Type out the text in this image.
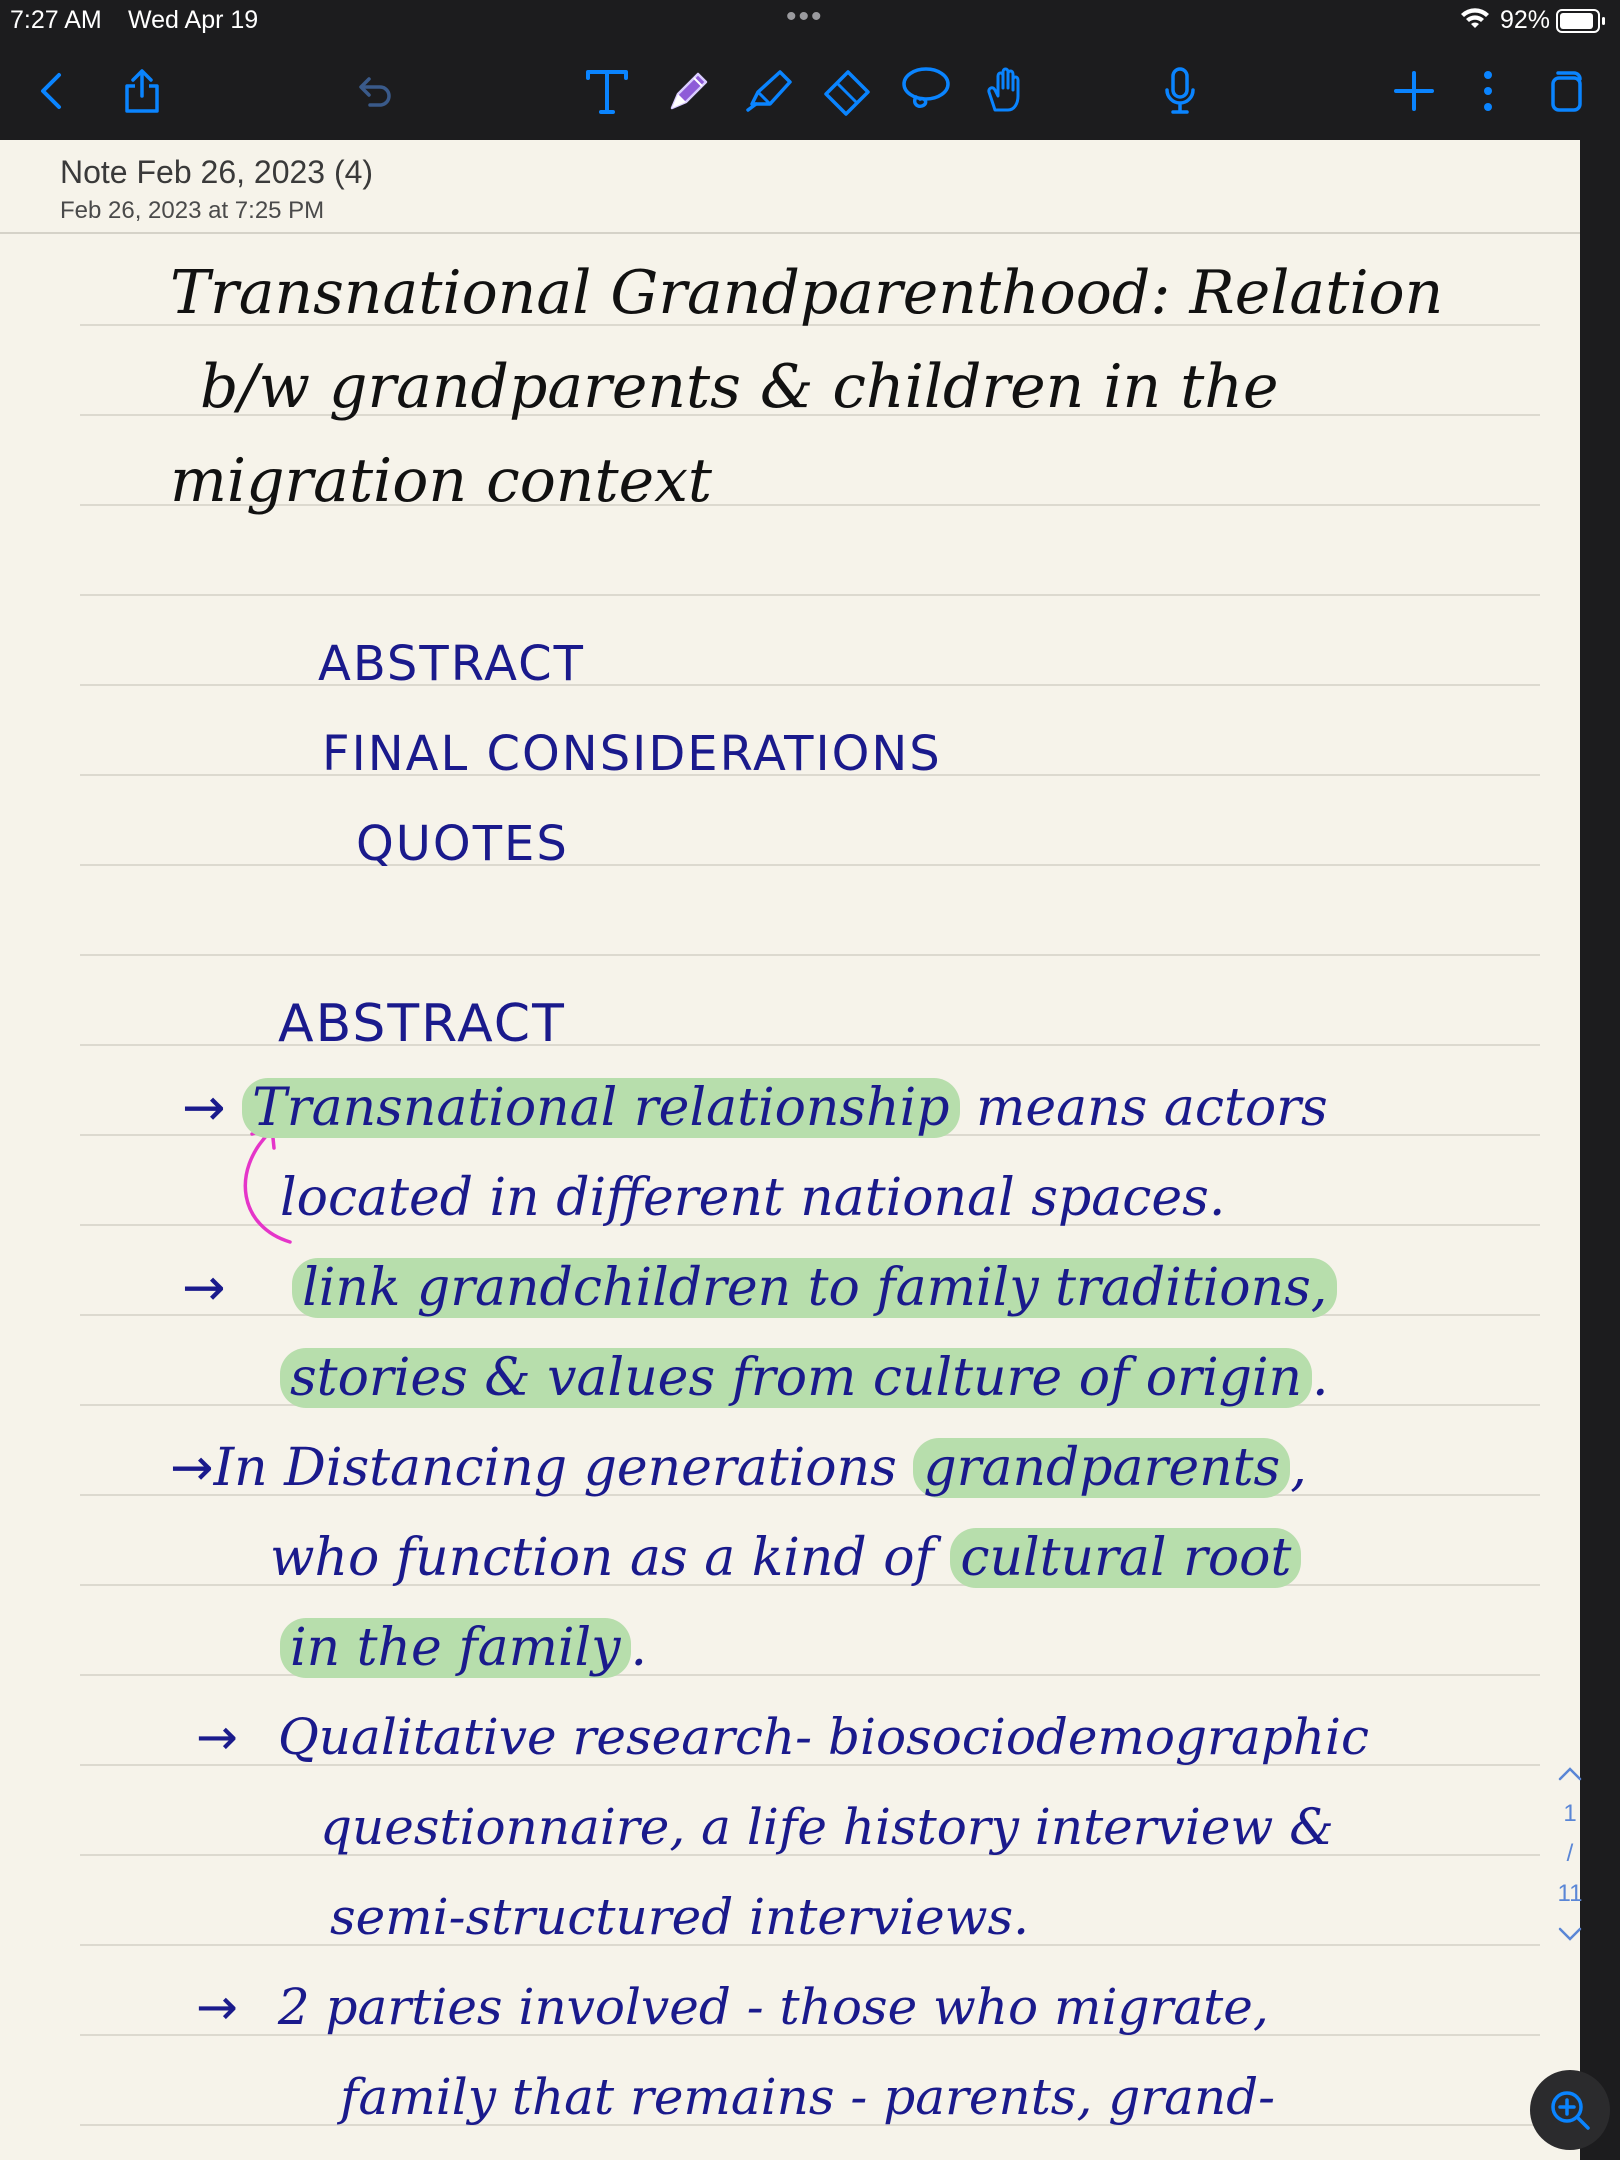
7:27 AM Wed Apr 19	•••	92%
Note Feb 26, 2023 (4)
Feb 26, 2023 at 7:25 PM
Transnational Grandparenthood: Relation
b/w grandparents & children in the
migration context
ABSTRACT
FINAL CONSIDERATIONS
QUOTES
ABSTRACT
→ Transnational relationship means actors
located in different national spaces.
→ link grandchildren to family traditions,
stories & values from culture of origin .
→In Distancing generations grandparents ,
who function as a kind of cultural root
in the family .
→ Qualitative research- biosociodemographic
questionnaire, a life history interview &
semi-structured interviews.
→ 2 parties involved - those who migrate,
family that remains - parents, grand-
1
/
11
